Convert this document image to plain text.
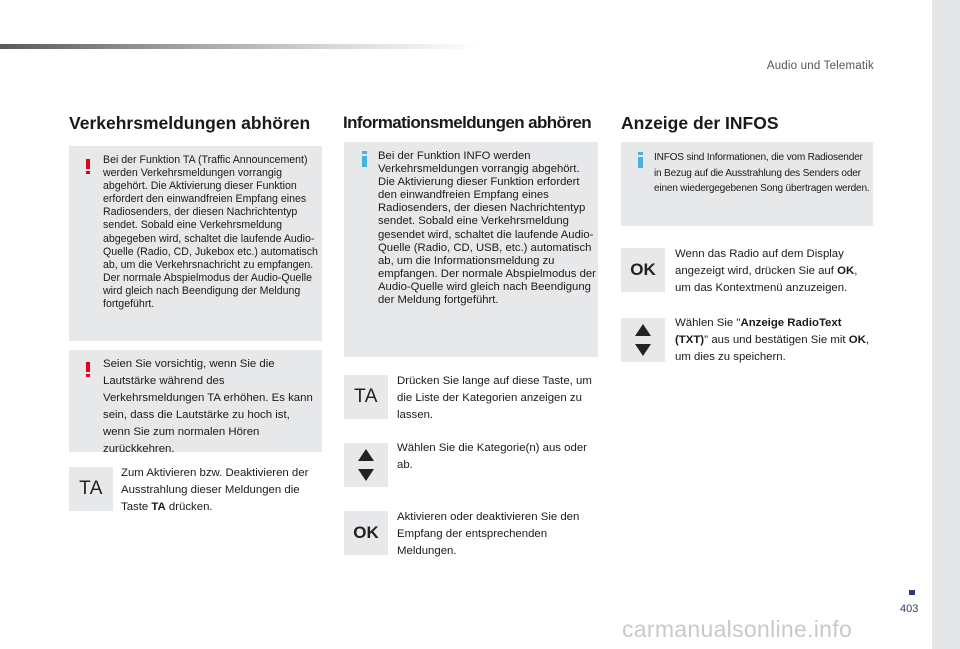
Audio und Telematik
Verkehrsmeldungen abhören
Bei der Funktion TA (Traffic Announcement) werden Verkehrsmeldungen vorrangig abgehört. Die Aktivierung dieser Funktion erfordert den einwandfreien Empfang eines Radiosenders, der diesen Nachrichtentyp sendet. Sobald eine Verkehrsmeldung abgegeben wird, schaltet die laufende Audio-Quelle (Radio, CD, Jukebox etc.) automatisch ab, um die Verkehrsnachricht zu empfangen. Der normale Abspielmodus der Audio-Quelle wird gleich nach Beendigung der Meldung fortgeführt.
Seien Sie vorsichtig, wenn Sie die Lautstärke während des Verkehrsmeldungen TA erhöhen. Es kann sein, dass die Lautstärke zu hoch ist, wenn Sie zum normalen Hören zurückkehren.
TA
Zum Aktivieren bzw. Deaktivieren der Ausstrahlung dieser Meldungen die Taste TA drücken.
Informationsmeldungen abhören
Bei der Funktion INFO werden Verkehrsmeldungen vorrangig abgehört. Die Aktivierung dieser Funktion erfordert den einwandfreien Empfang eines Radiosenders, der diesen Nachrichtentyp sendet. Sobald eine Verkehrsmeldung gesendet wird, schaltet die laufende Audio-Quelle (Radio, CD, USB, etc.) automatisch ab, um die Informationsmeldung zu empfangen. Der normale Abspielmodus der Audio-Quelle wird gleich nach Beendigung der Meldung fortgeführt.
TA
Drücken Sie lange auf diese Taste, um die Liste der Kategorien anzeigen zu lassen.
Wählen Sie die Kategorie(n) aus oder ab.
OK
Aktivieren oder deaktivieren Sie den Empfang der entsprechenden Meldungen.
Anzeige der INFOS
INFOS sind Informationen, die vom Radiosender in Bezug auf die Ausstrahlung des Senders oder einen wiedergegebenen Song übertragen werden.
OK
Wenn das Radio auf dem Display angezeigt wird, drücken Sie auf OK, um das Kontextmenü anzuzeigen.
Wählen Sie "Anzeige RadioText (TXT)" aus und bestätigen Sie mit OK, um dies zu speichern.
403
carmanualsonline.info
